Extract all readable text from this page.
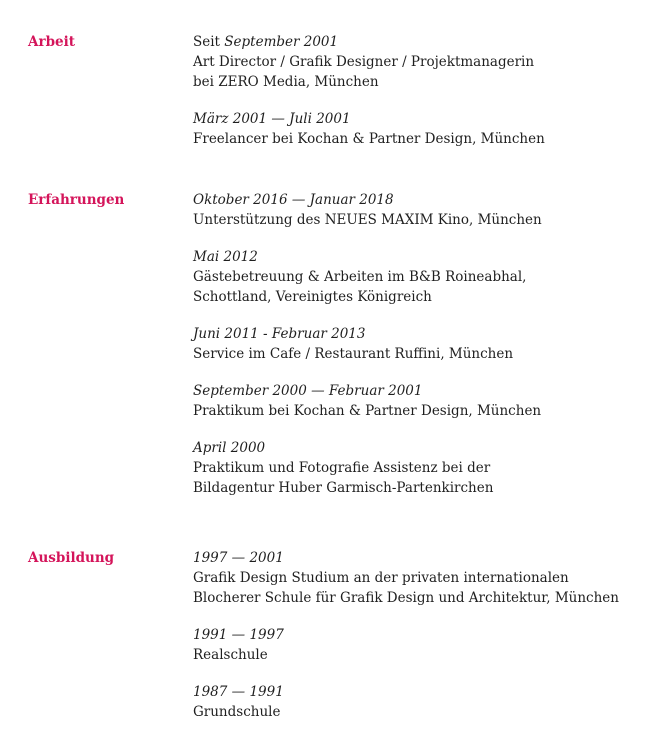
Arbeit	Seit September 2001
Art Director / Grafik Designer / Projektmanagerin
bei ZERO Media, München
März 2001 — Juli 2001
Freelancer bei Kochan & Partner Design, München
Erfahrungen	Oktober 2016 — Januar 2018
Unterstützung des NEUES MAXIM Kino, München
Mai 2012
Gästebetreuung & Arbeiten im B&B Roineabhal,
Schottland, Vereinigtes Königreich
Juni 2011 - Februar 2013
Service im Cafe / Restaurant Ruffini, München
September 2000 — Februar 2001
Praktikum bei Kochan & Partner Design, München
April 2000
Praktikum und Fotografie Assistenz bei der
Bildagentur Huber Garmisch-Partenkirchen
Ausbildung	1997 — 2001
Grafik Design Studium an der privaten internationalen
Blocherer Schule für Grafik Design und Architektur, München
1991 — 1997
Realschule
1987 — 1991
Grundschule
